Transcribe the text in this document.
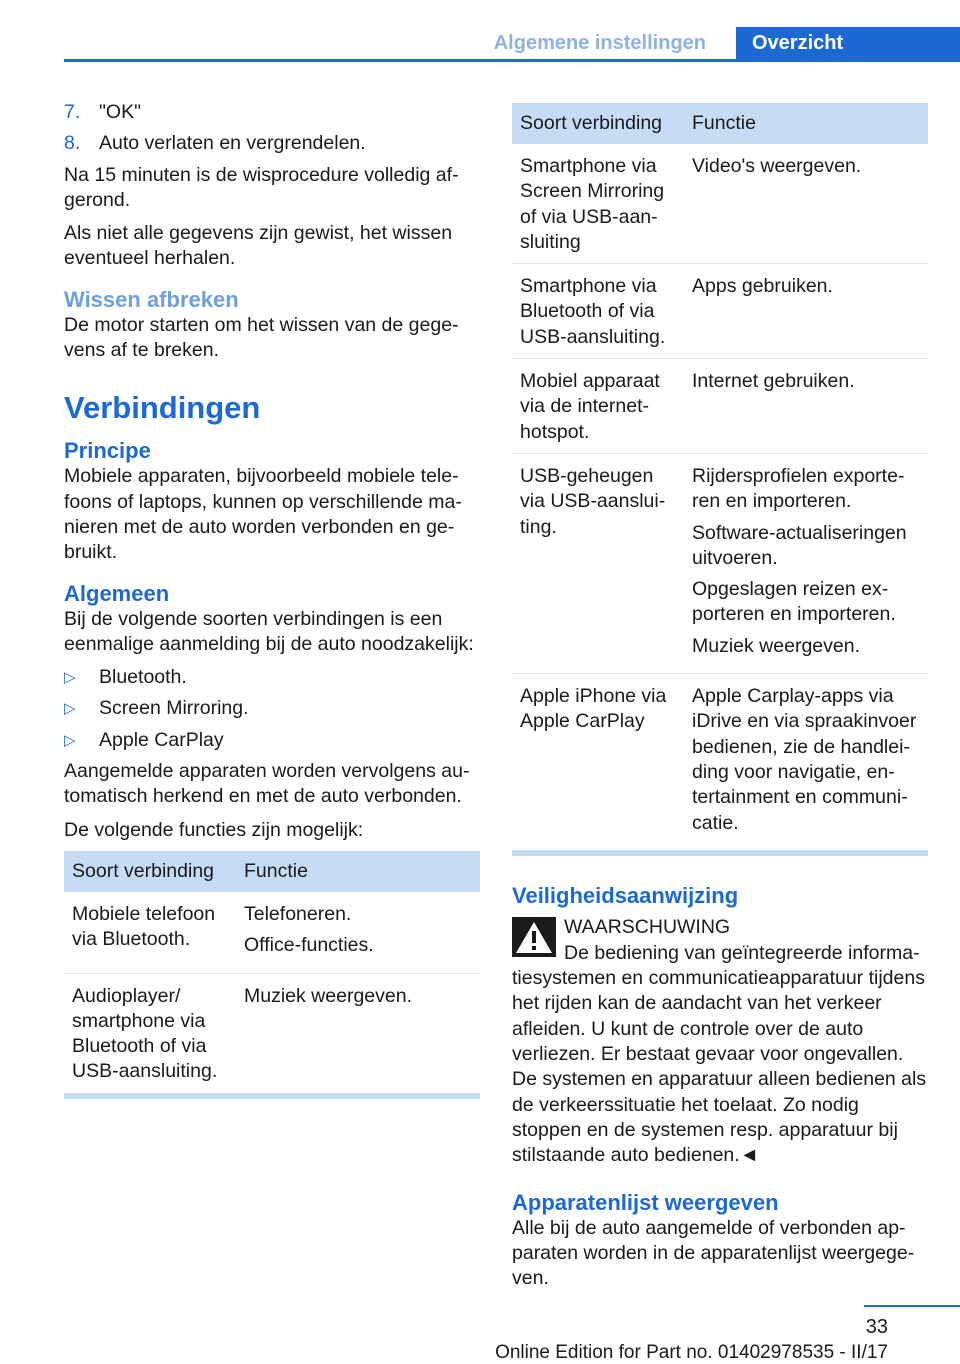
Algemene instellingen	Overzicht
7. "OK"
8. Auto verlaten en vergrendelen.

Na 15 minuten is de wisprocedure volledig afgerond.

Als niet alle gegevens zijn gewist, het wissen eventueel herhalen.

Wissen afbreken

De motor starten om het wissen van de gegevens af te breken.

Verbindingen
Principe

Mobiele apparaten, bijvoorbeeld mobiele telefoons of laptops, kunnen op verschillende manieren met de auto worden verbonden en gebruikt.

Algemeen

Bij de volgende soorten verbindingen is een eenmalige aanmelding bij de auto noodzakelijk:

▷	Bluetooth.
▷	Screen Mirroring.
▷	Apple CarPlay

Aangemelde apparaten worden vervolgens automatisch herkend en met de auto verbonden.

De volgende functies zijn mogelijk:

Soort verbinding	Functie
Mobiele telefoon via Bluetooth.	Telefoneren.

Office-functies.

Audioplayer/ smartphone via Bluetooth of via USB-aansluiting.	Muziek weergeven.

Soort verbinding	Functie
Smartphone via Screen Mirroring of via USB-aansluiting	Video's weergeven.

Smartphone via Bluetooth of via USB-aansluiting.	Apps gebruiken.

Mobiel apparaat via de internethotspot.	Internet gebruiken.

USB-geheugen via USB-aansluiting.	Rijdersprofielen exporteren en importeren.

Software-actualiseringen uitvoeren.

Opgeslagen reizen exporteren en importeren.

Muziek weergeven.

Apple iPhone via Apple CarPlay	Apple Carplay-apps via iDrive en via spraakinvoer bedienen, zie de handleiding voor navigatie, entertainment en communicatie.

Veiligheidsaanwijzing

WAARSCHUWING

De bediening van geïntegreerde informatiesystemen en communicatieapparatuur tijdens het rijden kan de aandacht van het verkeer afleiden. U kunt de controle over de auto verliezen. Er bestaat gevaar voor ongevallen. De systemen en apparatuur alleen bedienen als de verkeerssituatie het toelaat. Zo nodig stoppen en de systemen resp. apparatuur bij stilstaande auto bedienen.◄

Apparatenlijst weergeven

Alle bij de auto aangemelde of verbonden apparaten worden in de apparatenlijst weergegeven.

33
Online Edition for Part no. 01402978535 - II/17
